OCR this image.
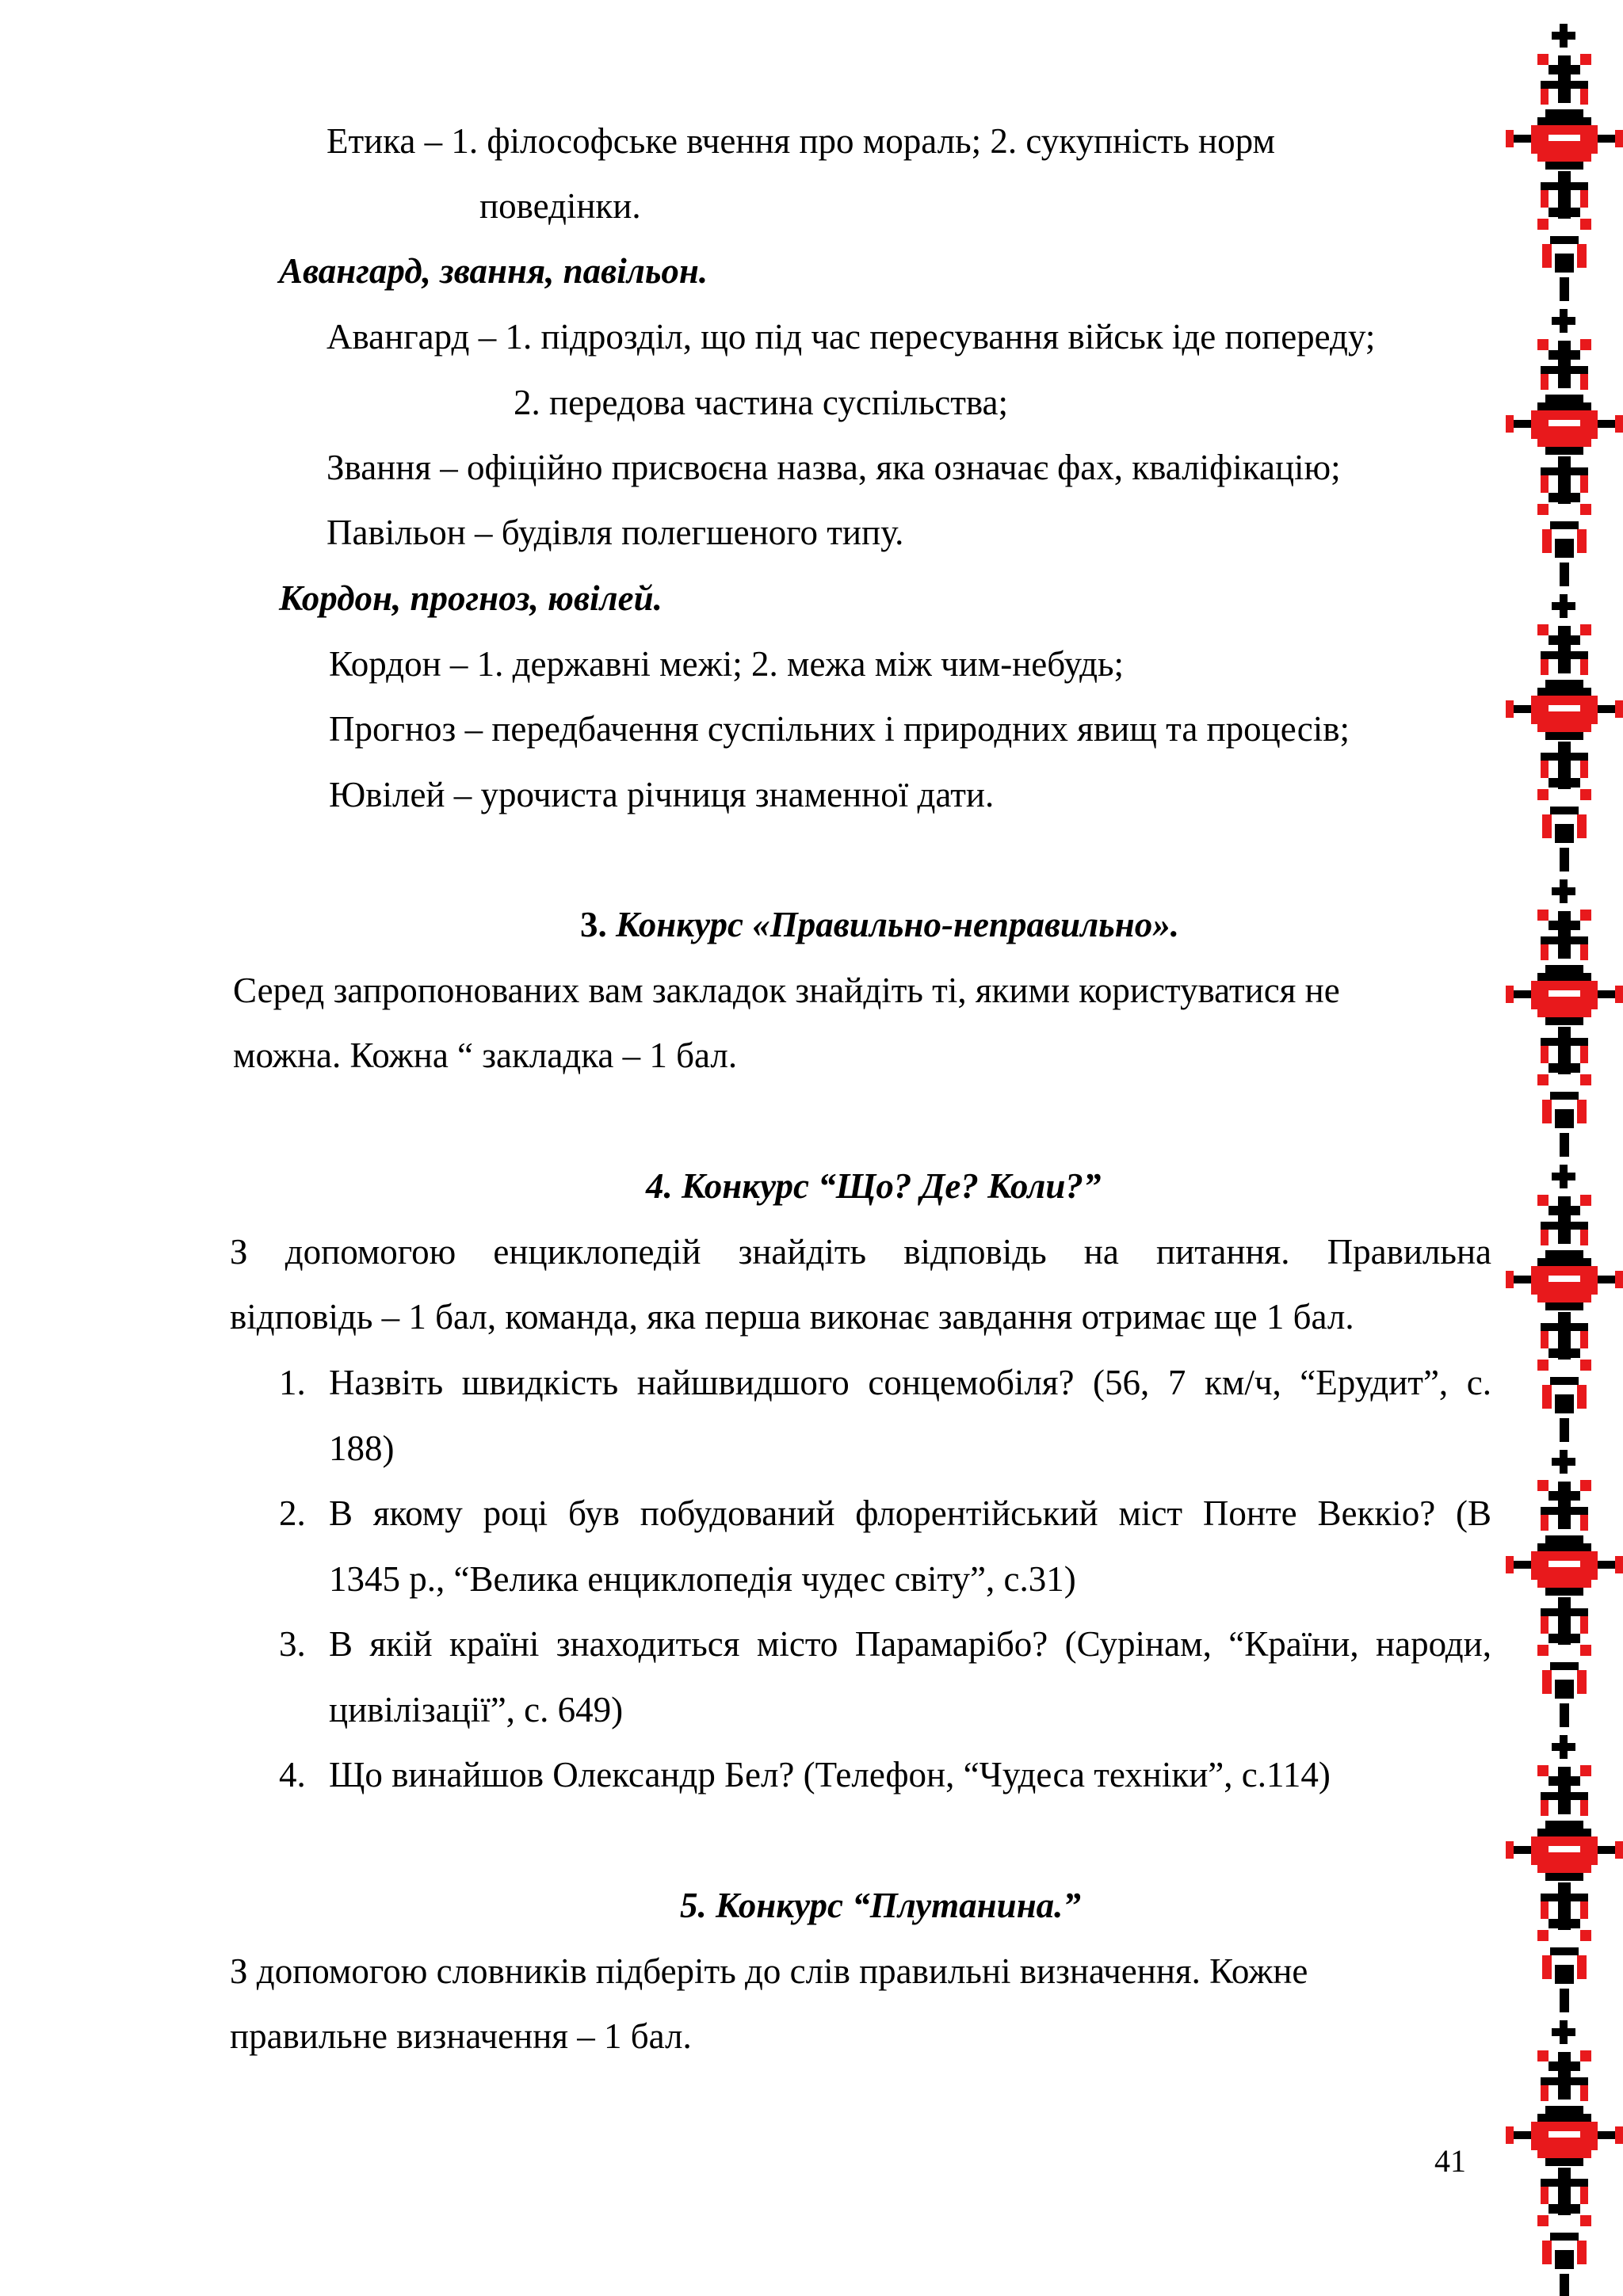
Етика – 1. філософське вчення про мораль; 2. сукупність норм
поведінки.
Авангард, звання, павільон.
Авангард – 1. підрозділ, що під час пересування військ іде попереду;
2. передова частина суспільства;
Звання – офіційно присвоєна назва, яка означає фах, кваліфікацію;
Павільон – будівля полегшеного типу.
Кордон, прогноз, ювілей.
Кордон – 1. державні межі; 2. межа між чим-небудь;
Прогноз – передбачення суспільних і природних явищ та процесів;
Ювілей – урочиста річниця знаменної дати.
3. Конкурс «Правильно-неправильно».
Серед запропонованих вам закладок знайдіть ті, якими користуватися не
можна. Кожна “ закладка – 1 бал.
4. Конкурс “Що? Де? Коли?”
З допомогою енциклопедій знайдіть відповідь на питання. Правильна
відповідь – 1 бал, команда, яка перша виконає завдання отримає ще 1 бал.
1. Назвіть швидкість найшвидшого сонцемобіля? (56, 7 км/ч, “Ерудит”, с.
188)
2. В якому році був побудований флорентійський міст Понте Веккіо? (В
1345 р., “Велика енциклопедія чудес світу”, с.31)
3. В якій країні знаходиться місто Парамарібо? (Сурінам, “Країни, народи,
цивілізації”, с. 649)
4. Що винайшов Олександр Бел? (Телефон, “Чудеса техніки”, с.114)
5. Конкурс “Плутанина.”
З допомогою словників підберіть до слів правильні визначення. Кожне
правильне визначення – 1 бал.
41
